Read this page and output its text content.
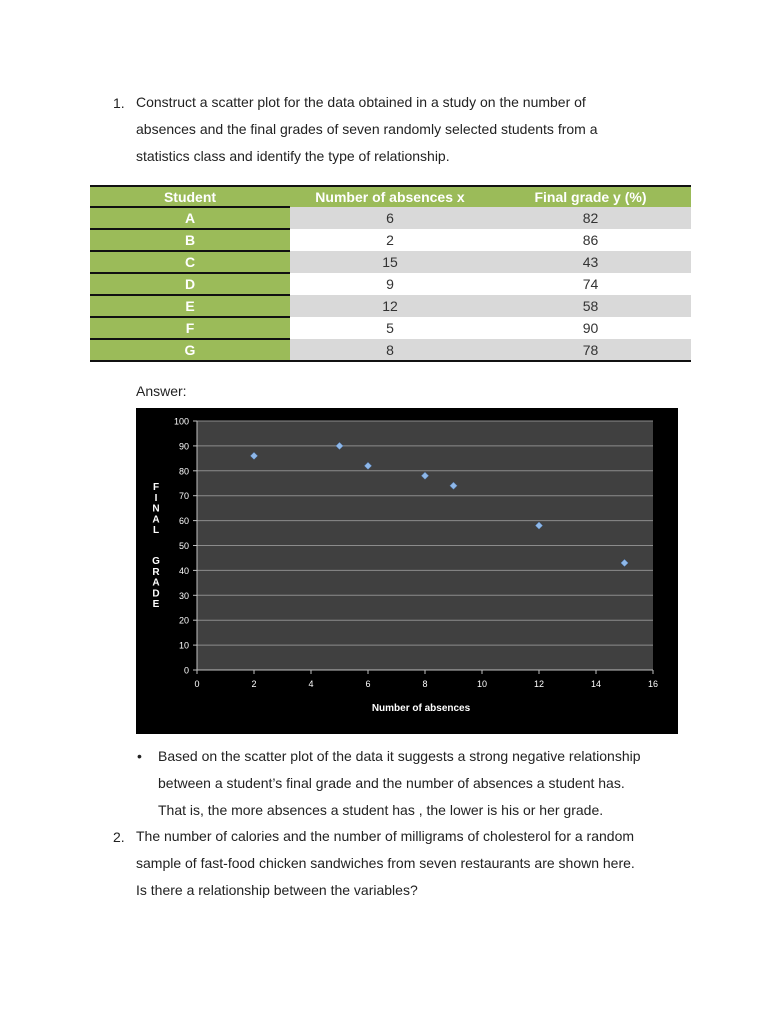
1. Construct a scatter plot for the data obtained in a study on the number of
absences and the final grades of seven randomly selected students from a
statistics class and identify the type of relationship.
Student	Number of absences x	Final grade y (%)
A	6	82
B	2	86
C	15	43
D	9	74
E	12	58
F	5	90
G	8	78
Answer:
0
10
20
30
40
50
60
70
80
90
100
0	2	4	6	8	10	12	14	16
Number of absences
F I N A L G R A D E
• Based on the scatter plot of the data it suggests a strong negative relationship
between a student’s final grade and the number of absences a student has.
That is, the more absences a student has , the lower is his or her grade.
2. The number of calories and the number of milligrams of cholesterol for a random
sample of fast-food chicken sandwiches from seven restaurants are shown here.
Is there a relationship between the variables?
